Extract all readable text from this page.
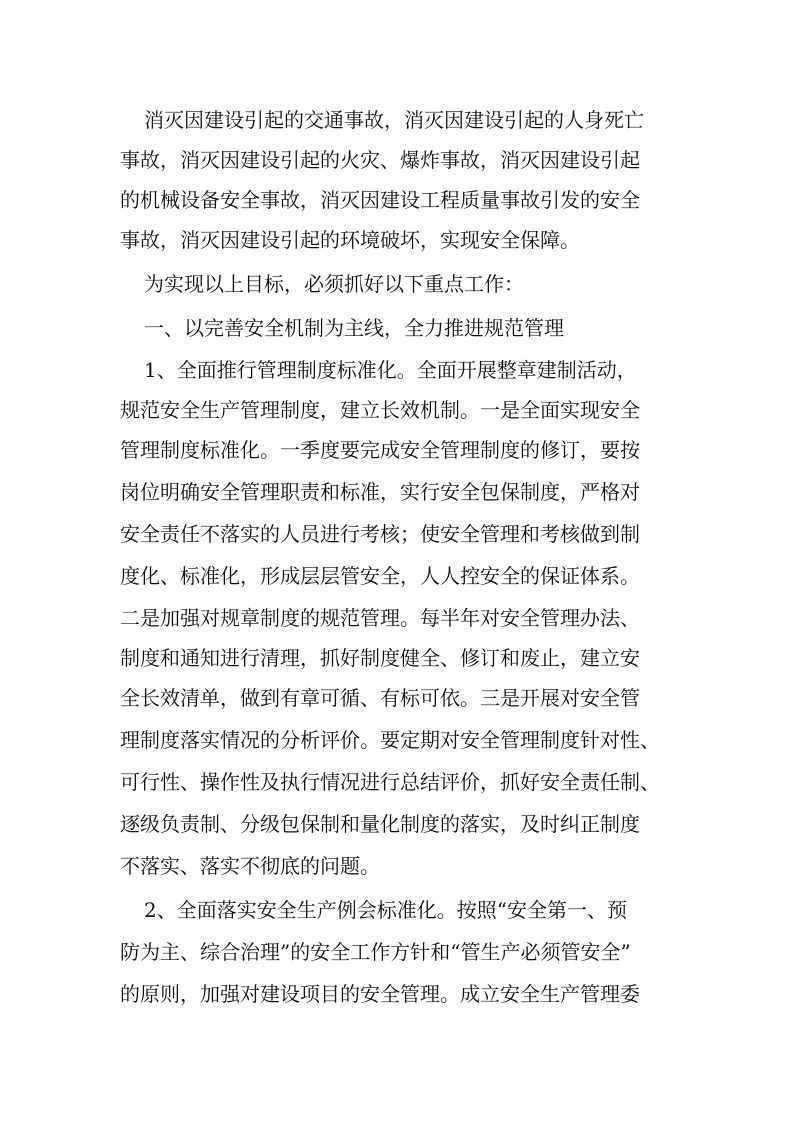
消灭因建设引起的交通事故，消灭因建设引起的人身死亡
事故，消灭因建设引起的火灾、爆炸事故，消灭因建设引起
的机械设备安全事故，消灭因建设工程质量事故引发的安全
事故，消灭因建设引起的环境破坏，实现安全保障。
为实现以上目标，必须抓好以下重点工作：
一、以完善安全机制为主线，全力推进规范管理
1、全面推行管理制度标准化。全面开展整章建制活动，
规范安全生产管理制度，建立长效机制。一是全面实现安全
管理制度标准化。一季度要完成安全管理制度的修订，要按
岗位明确安全管理职责和标准，实行安全包保制度，严格对
安全责任不落实的人员进行考核；使安全管理和考核做到制
度化、标准化，形成层层管安全，人人控安全的保证体系。
二是加强对规章制度的规范管理。每半年对安全管理办法、
制度和通知进行清理，抓好制度健全、修订和废止，建立安
全长效清单，做到有章可循、有标可依。三是开展对安全管
理制度落实情况的分析评价。要定期对安全管理制度针对性、
可行性、操作性及执行情况进行总结评价，抓好安全责任制、
逐级负责制、分级包保制和量化制度的落实，及时纠正制度
不落实、落实不彻底的问题。
2、全面落实安全生产例会标准化。按照“安全第一、预
防为主、综合治理”的安全工作方针和“管生产必须管安全”
的原则，加强对建设项目的安全管理。成立安全生产管理委
